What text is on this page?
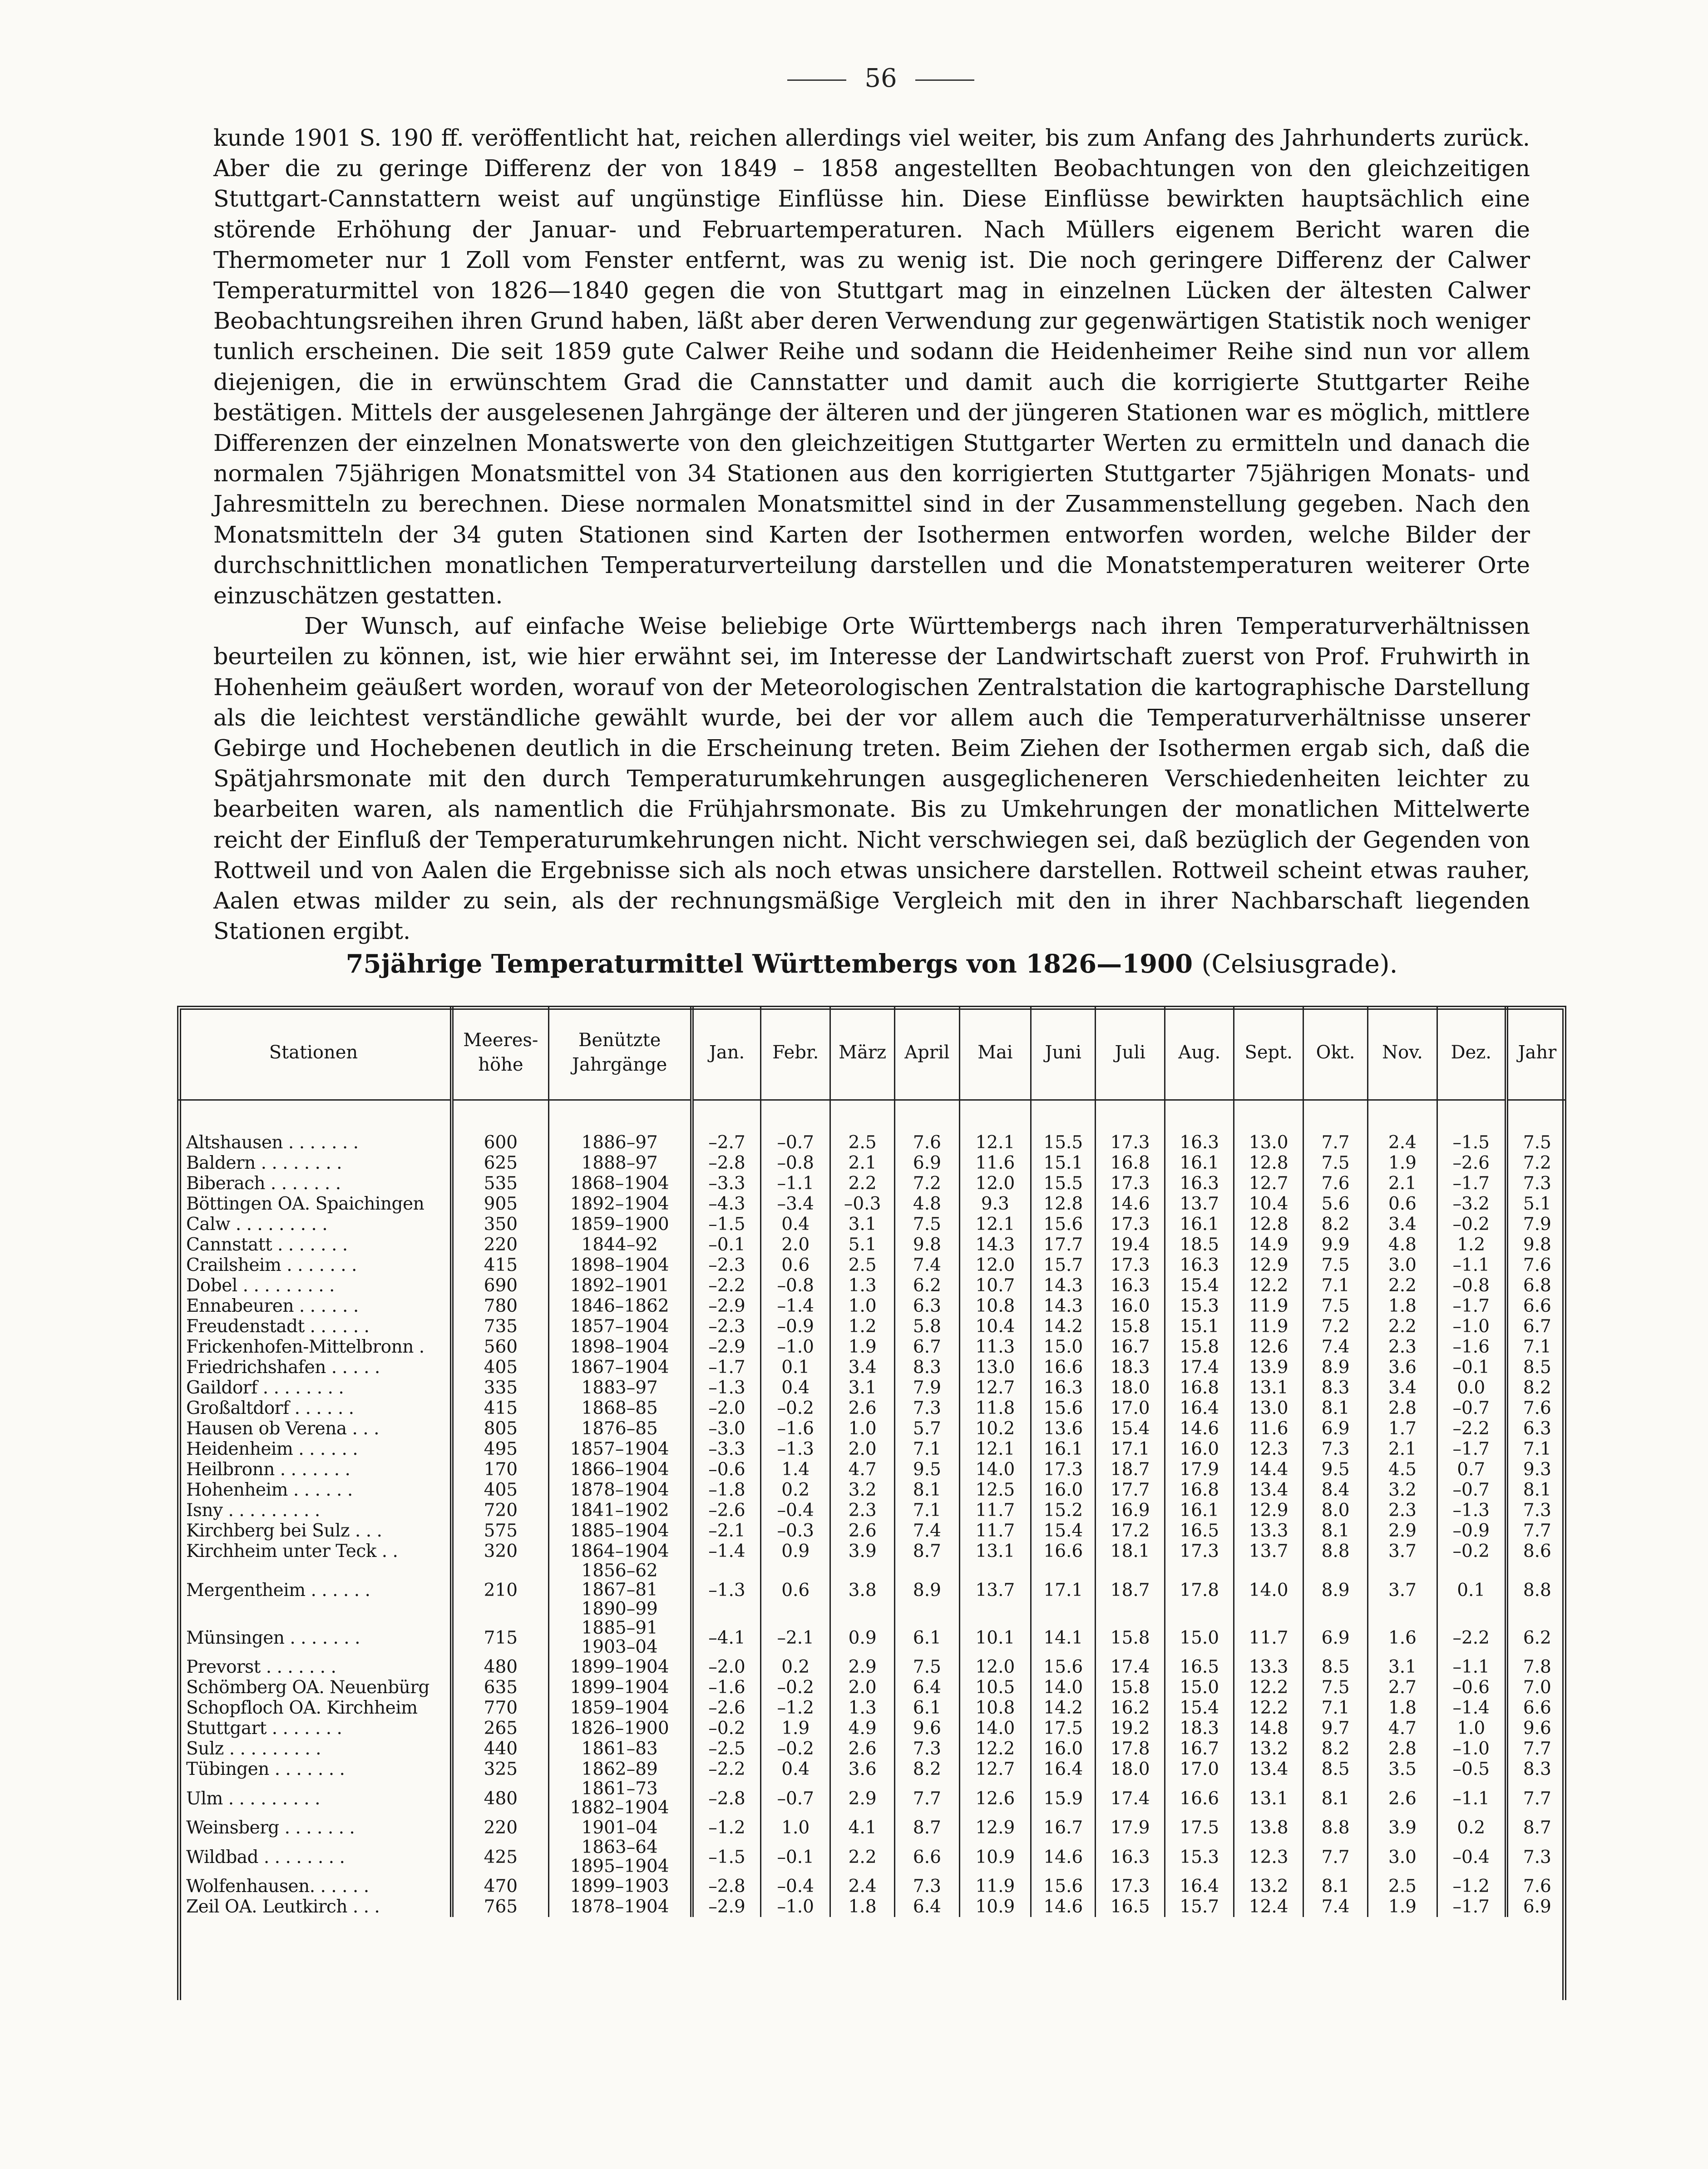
56

kunde 1901 S. 190 ff. veröffentlicht hat, reichen allerdings viel weiter, bis zum Anfang des Jahrhunderts zurück. Aber die zu geringe Differenz der von 1849 – 1858 angestellten Beobachtungen von den gleichzeitigen Stuttgart-Cannstattern weist auf ungünstige Einflüsse hin. Diese Einflüsse bewirkten hauptsächlich eine störende Erhöhung der Januar- und Februartemperaturen. Nach Müllers eigenem Bericht waren die Thermometer nur 1 Zoll vom Fenster entfernt, was zu wenig ist. Die noch geringere Differenz der Calwer Temperaturmittel von 1826—1840 gegen die von Stuttgart mag in einzelnen Lücken der ältesten Calwer Beobachtungsreihen ihren Grund haben, läßt aber deren Verwendung zur gegenwärtigen Statistik noch weniger tunlich erscheinen. Die seit 1859 gute Calwer Reihe und sodann die Heidenheimer Reihe sind nun vor allem diejenigen, die in erwünschtem Grad die Cannstatter und damit auch die korrigierte Stuttgarter Reihe bestätigen. Mittels der ausgelesenen Jahrgänge der älteren und der jüngeren Stationen war es möglich, mittlere Differenzen der einzelnen Monatswerte von den gleichzeitigen Stuttgarter Werten zu ermitteln und danach die normalen 75jährigen Monatsmittel von 34 Stationen aus den korrigierten Stuttgarter 75jährigen Monats- und Jahresmitteln zu berechnen. Diese normalen Monatsmittel sind in der Zusammenstellung gegeben. Nach den Monatsmitteln der 34 guten Stationen sind Karten der Isothermen entworfen worden, welche Bilder der durchschnittlichen monatlichen Temperaturverteilung darstellen und die Monatstemperaturen weiterer Orte einzuschätzen gestatten.

Der Wunsch, auf einfache Weise beliebige Orte Württembergs nach ihren Temperaturverhältnissen beurteilen zu können, ist, wie hier erwähnt sei, im Interesse der Landwirtschaft zuerst von Prof. Fruhwirth in Hohenheim geäußert worden, worauf von der Meteorologischen Zentralstation die kartographische Darstellung als die leichtest verständliche gewählt wurde, bei der vor allem auch die Temperaturverhältnisse unserer Gebirge und Hochebenen deutlich in die Erscheinung treten. Beim Ziehen der Isothermen ergab sich, daß die Spätjahrsmonate mit den durch Temperaturumkehrungen ausgeglicheneren Verschiedenheiten leichter zu bearbeiten waren, als namentlich die Frühjahrsmonate. Bis zu Umkehrungen der monatlichen Mittelwerte reicht der Einfluß der Temperaturumkehrungen nicht. Nicht verschwiegen sei, daß bezüglich der Gegenden von Rottweil und von Aalen die Ergebnisse sich als noch etwas unsichere darstellen. Rottweil scheint etwas rauher, Aalen etwas milder zu sein, als der rechnungsmäßige Vergleich mit den in ihrer Nachbarschaft liegenden Stationen ergibt.

75jährige Temperaturmittel Württembergs von 1826—1900 (Celsiusgrade).
Stationen	Meeres-höhe	Benützte Jahrgänge	Jan.	Febr.	März	April	Mai	Juni	Juli	Aug.	Sept.	Okt.	Nov.	Dez.	Jahr

Altshausen . . . . . . .	600	1886–97	–2.7	–0.7	2.5	7.6	12.1	15.5	17.3	16.3	13.0	7.7	2.4	–1.5	7.5
Baldern . . . . . . . .	625	1888–97	–2.8	–0.8	2.1	6.9	11.6	15.1	16.8	16.1	12.8	7.5	1.9	–2.6	7.2
Biberach . . . . . . .	535	1868–1904	–3.3	–1.1	2.2	7.2	12.0	15.5	17.3	16.3	12.7	7.6	2.1	–1.7	7.3
Böttingen OA. Spaichingen	905	1892–1904	–4.3	–3.4	–0.3	4.8	9.3	12.8	14.6	13.7	10.4	5.6	0.6	–3.2	5.1
Calw . . . . . . . . .	350	1859–1900	–1.5	0.4	3.1	7.5	12.1	15.6	17.3	16.1	12.8	8.2	3.4	–0.2	7.9
Cannstatt . . . . . . .	220	1844–92	–0.1	2.0	5.1	9.8	14.3	17.7	19.4	18.5	14.9	9.9	4.8	1.2	9.8
Crailsheim . . . . . . .	415	1898–1904	–2.3	0.6	2.5	7.4	12.0	15.7	17.3	16.3	12.9	7.5	3.0	–1.1	7.6
Dobel . . . . . . . . .	690	1892–1901	–2.2	–0.8	1.3	6.2	10.7	14.3	16.3	15.4	12.2	7.1	2.2	–0.8	6.8
Ennabeuren . . . . . .	780	1846–1862	–2.9	–1.4	1.0	6.3	10.8	14.3	16.0	15.3	11.9	7.5	1.8	–1.7	6.6
Freudenstadt . . . . . .	735	1857–1904	–2.3	–0.9	1.2	5.8	10.4	14.2	15.8	15.1	11.9	7.2	2.2	–1.0	6.7
Frickenhofen-Mittelbronn .	560	1898–1904	–2.9	–1.0	1.9	6.7	11.3	15.0	16.7	15.8	12.6	7.4	2.3	–1.6	7.1
Friedrichshafen . . . . .	405	1867–1904	–1.7	0.1	3.4	8.3	13.0	16.6	18.3	17.4	13.9	8.9	3.6	–0.1	8.5
Gaildorf . . . . . . . .	335	1883–97	–1.3	0.4	3.1	7.9	12.7	16.3	18.0	16.8	13.1	8.3	3.4	0.0	8.2
Großaltdorf . . . . . .	415	1868–85	–2.0	–0.2	2.6	7.3	11.8	15.6	17.0	16.4	13.0	8.1	2.8	–0.7	7.6
Hausen ob Verena . . .	805	1876–85	–3.0	–1.6	1.0	5.7	10.2	13.6	15.4	14.6	11.6	6.9	1.7	–2.2	6.3
Heidenheim . . . . . .	495	1857–1904	–3.3	–1.3	2.0	7.1	12.1	16.1	17.1	16.0	12.3	7.3	2.1	–1.7	7.1
Heilbronn . . . . . . .	170	1866–1904	–0.6	1.4	4.7	9.5	14.0	17.3	18.7	17.9	14.4	9.5	4.5	0.7	9.3
Hohenheim . . . . . .	405	1878–1904	–1.8	0.2	3.2	8.1	12.5	16.0	17.7	16.8	13.4	8.4	3.2	–0.7	8.1
Isny . . . . . . . . .	720	1841–1902	–2.6	–0.4	2.3	7.1	11.7	15.2	16.9	16.1	12.9	8.0	2.3	–1.3	7.3
Kirchberg bei Sulz . . .	575	1885–1904	–2.1	–0.3	2.6	7.4	11.7	15.4	17.2	16.5	13.3	8.1	2.9	–0.9	7.7
Kirchheim unter Teck . .	320	1864–1904	–1.4	0.9	3.9	8.7	13.1	16.6	18.1	17.3	13.7	8.8	3.7	–0.2	8.6
Mergentheim . . . . . .	210	1856–62
1867–81
1890–99	–1.3	0.6	3.8	8.9	13.7	17.1	18.7	17.8	14.0	8.9	3.7	0.1	8.8
Münsingen . . . . . . .	715	1885–91
1903–04	–4.1	–2.1	0.9	6.1	10.1	14.1	15.8	15.0	11.7	6.9	1.6	–2.2	6.2
Prevorst . . . . . . .	480	1899–1904	–2.0	0.2	2.9	7.5	12.0	15.6	17.4	16.5	13.3	8.5	3.1	–1.1	7.8
Schömberg OA. Neuenbürg	635	1899–1904	–1.6	–0.2	2.0	6.4	10.5	14.0	15.8	15.0	12.2	7.5	2.7	–0.6	7.0
Schopfloch OA. Kirchheim	770	1859–1904	–2.6	–1.2	1.3	6.1	10.8	14.2	16.2	15.4	12.2	7.1	1.8	–1.4	6.6
Stuttgart . . . . . . .	265	1826–1900	–0.2	1.9	4.9	9.6	14.0	17.5	19.2	18.3	14.8	9.7	4.7	1.0	9.6
Sulz . . . . . . . . .	440	1861–83	–2.5	–0.2	2.6	7.3	12.2	16.0	17.8	16.7	13.2	8.2	2.8	–1.0	7.7
Tübingen . . . . . . .	325	1862–89	–2.2	0.4	3.6	8.2	12.7	16.4	18.0	17.0	13.4	8.5	3.5	–0.5	8.3
Ulm . . . . . . . . .	480	1861–73
1882–1904	–2.8	–0.7	2.9	7.7	12.6	15.9	17.4	16.6	13.1	8.1	2.6	–1.1	7.7
Weinsberg . . . . . . .	220	1901–04	–1.2	1.0	4.1	8.7	12.9	16.7	17.9	17.5	13.8	8.8	3.9	0.2	8.7
Wildbad . . . . . . . .	425	1863–64
1895–1904	–1.5	–0.1	2.2	6.6	10.9	14.6	16.3	15.3	12.3	7.7	3.0	–0.4	7.3
Wolfenhausen. . . . . .	470	1899–1903	–2.8	–0.4	2.4	7.3	11.9	15.6	17.3	16.4	13.2	8.1	2.5	–1.2	7.6
Zeil OA. Leutkirch . . .	765	1878–1904	–2.9	–1.0	1.8	6.4	10.9	14.6	16.5	15.7	12.4	7.4	1.9	–1.7	6.9
